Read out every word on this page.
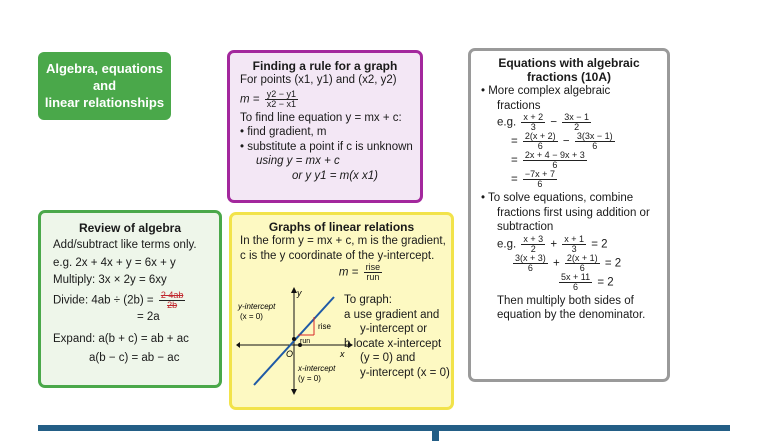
Algebra, equations
and
linear relationships
Finding a rule for a graph
For points (x1, y1) and (x2, y2)
$m = \frac{y2 - y1}{x2 - x1}$
To find line equation y = mx + c:
• find gradient, m
• substitute a point if c is unknown
using y = mx + c
or y y1 = m(x x1)
Equations with algebraic fractions (10A)
• More complex algebraic
fractions
e.g. $\frac{x + 2}{3} - \frac{3x - 1}{2}$
= $\frac{2(x + 2)}{6} - \frac{3(3x - 1)}{6}$
= $\frac{2x + 4 - 9x + 3}{6}$
= $\frac{-7x + 7}{6}$
• To solve equations, combine
fractions first using addition or
subtraction
e.g. $\frac{x + 3}{2} + \frac{x + 1}{3} = 2$
$\frac{3(x + 3)}{6} + \frac{2(x + 1)}{6} = 2$
$\frac{5x + 11}{6} = 2$
Then multiply both sides of
equation by the denominator.
Review of algebra
Add/subtract like terms only.
e.g. 2x + 4x + y = 6x + y
Multiply: 3x × 2y = 6xy
Divide: $4ab \div (2b) = \frac{2 4ab}{2b}$
= 2a
Expand: a(b + c) = ab + ac
a(b − c) = ab − ac
Graphs of linear relations
In the form y = mx + c, m is the gradient,
c is the y coordinate of the y-intercept.
$m = \frac{\text{rise}}{\text{run}}$
y-intercept
(x = 0)
rise
run
O	x
y
x-intercept
(y = 0)
To graph:
a use gradient and
y-intercept or
b locate x-intercept
(y = 0) and
y-intercept (x = 0)
